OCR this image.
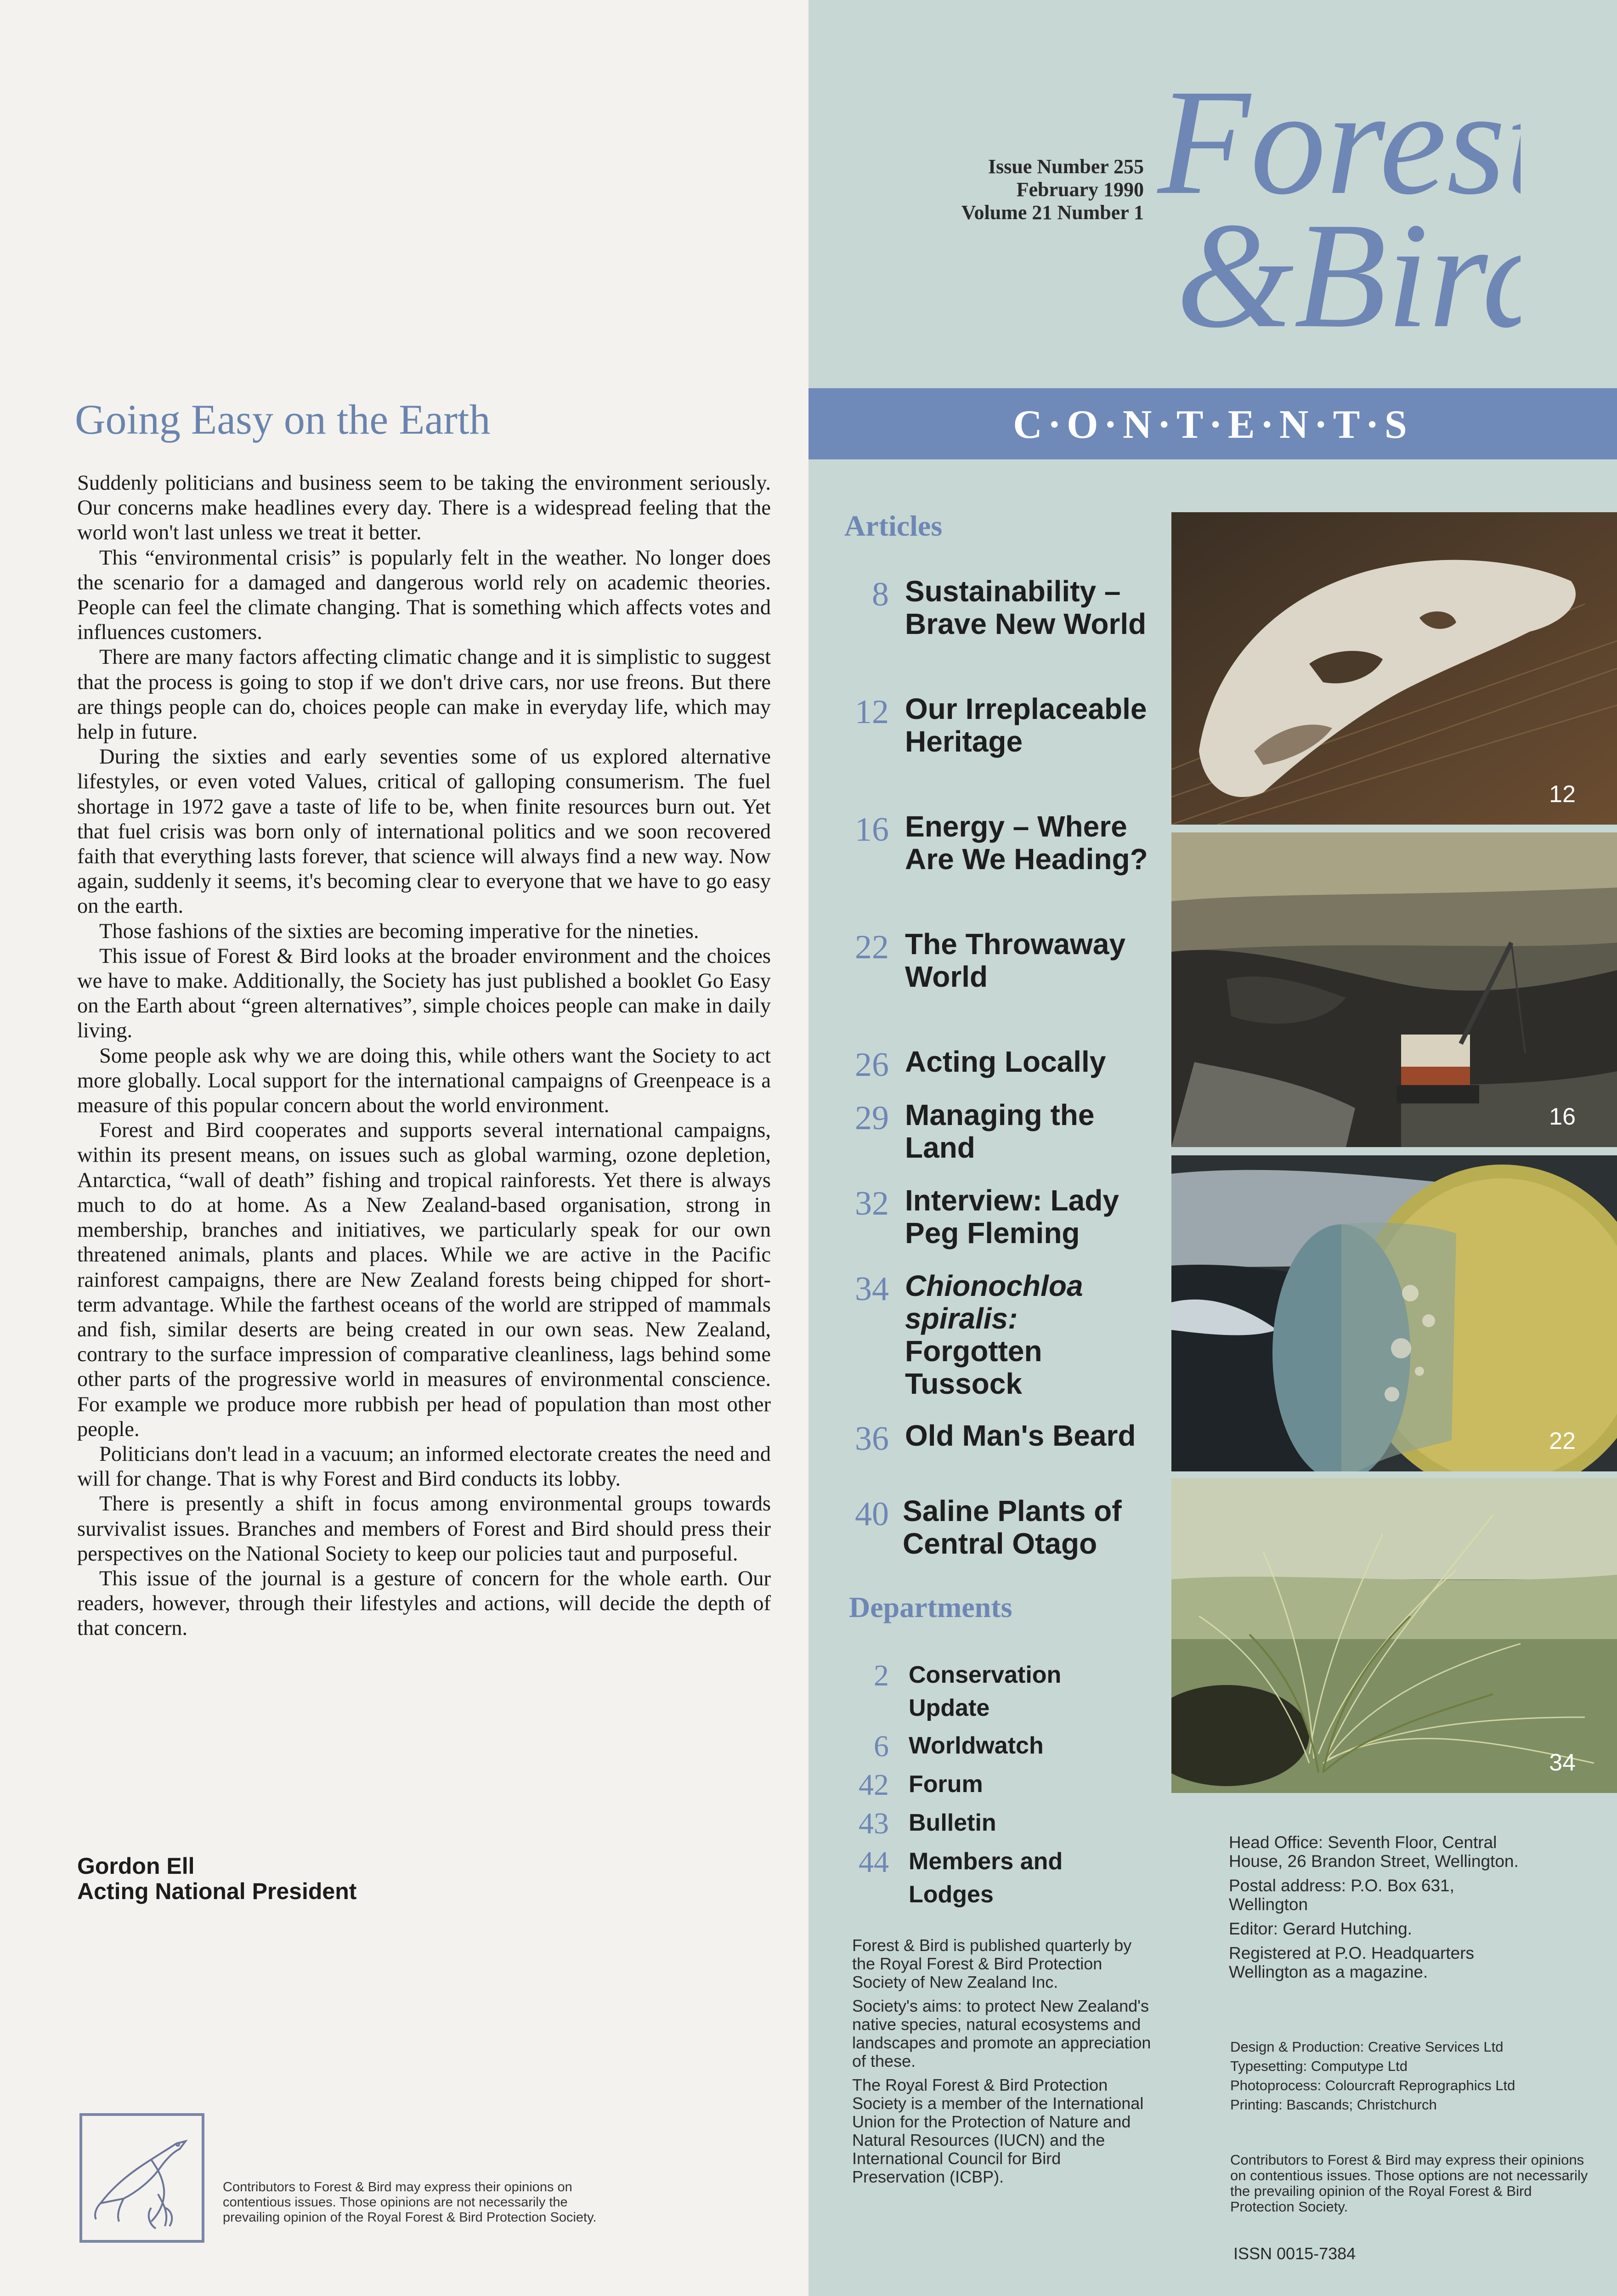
Going Easy on the Earth

Suddenly politicians and business seem to be taking the environment seriously. Our concerns make headlines every day. There is a widespread feeling that the world won't last unless we treat it better.

This “environmental crisis” is popularly felt in the weather. No longer does the scenario for a damaged and dangerous world rely on academic theories. People can feel the climate changing. That is something which affects votes and influences customers.

There are many factors affecting climatic change and it is simplistic to suggest that the process is going to stop if we don't drive cars, nor use freons. But there are things people can do, choices people can make in everyday life, which may help in future.

During the sixties and early seventies some of us explored alternative lifestyles, or even voted Values, critical of galloping consumerism. The fuel shortage in 1972 gave a taste of life to be, when finite resources burn out. Yet that fuel crisis was born only of international politics and we soon recovered faith that everything lasts forever, that science will always find a new way. Now again, suddenly it seems, it's becoming clear to everyone that we have to go easy on the earth.

Those fashions of the sixties are becoming imperative for the nineties.

This issue of Forest & Bird looks at the broader environment and the choices we have to make. Additionally, the Society has just published a booklet Go Easy on the Earth about “green alternatives”, simple choices people can make in daily living.

Some people ask why we are doing this, while others want the Society to act more globally. Local support for the international campaigns of Greenpeace is a measure of this popular concern about the world environment.

Forest and Bird cooperates and supports several international campaigns, within its present means, on issues such as global warming, ozone depletion, Antarctica, “wall of death” fishing and tropical rainforests. Yet there is always much to do at home. As a New Zealand-based organisation, strong in membership, branches and initiatives, we particularly speak for our own threatened animals, plants and places. While we are active in the Pacific rainforest campaigns, there are New Zealand forests being chipped for short-term advantage. While the farthest oceans of the world are stripped of mammals and fish, similar deserts are being created in our own seas. New Zealand, contrary to the surface impression of comparative cleanliness, lags behind some other parts of the progressive world in measures of environmental conscience. For example we produce more rubbish per head of population than most other people.

Politicians don't lead in a vacuum; an informed electorate creates the need and will for change. That is why Forest and Bird conducts its lobby.

There is presently a shift in focus among environmental groups towards survivalist issues. Branches and members of Forest and Bird should press their perspectives on the National Society to keep our policies taut and purposeful.

This issue of the journal is a gesture of concern for the whole earth. Our readers, however, through their lifestyles and actions, will decide the depth of that concern.

Gordon Ell
Acting National President
Contributors to Forest & Bird may express their opinions on contentious issues. Those opinions are not necessarily the prevailing opinion of the Royal Forest & Bird Protection Society.
Issue Number 255
February 1990
Volume 21 Number 1 Forest
&Bird
C·O·N·T·E·N·T·S
Articles
8 Sustainability – Brave New World
12 Our Irreplaceable Heritage
16 Energy – Where Are We Heading?
22 The Throwaway World
26 Acting Locally
29 Managing the Land
32 Interview: Lady Peg Fleming
34 Chionochloa spiralis: Forgotten Tussock
36 Old Man's Beard
40 Saline Plants of Central Otago
Departments
2 Conservation Update
6 Worldwatch
42 Forum
43 Bulletin
44 Members and Lodges
12
16
22
34

Forest & Bird is published quarterly by the Royal Forest & Bird Protection Society of New Zealand Inc.

Society's aims: to protect New Zealand's native species, natural ecosystems and landscapes and promote an appreciation of these.

The Royal Forest & Bird Protection Society is a member of the International Union for the Protection of Nature and Natural Resources (IUCN) and the International Council for Bird Preservation (ICBP).

Head Office: Seventh Floor, Central House, 26 Brandon Street, Wellington.

Postal address: P.O. Box 631, Wellington

Editor: Gerard Hutching.

Registered at P.O. Headquarters Wellington as a magazine.

Design & Production: Creative Services Ltd
Typesetting: Computype Ltd
Photoprocess: Colourcraft Reprographics Ltd
Printing: Bascands; Christchurch
Contributors to Forest & Bird may express their opinions on contentious issues. Those options are not necessarily the prevailing opinion of the Royal Forest & Bird Protection Society.
ISSN 0015-7384
